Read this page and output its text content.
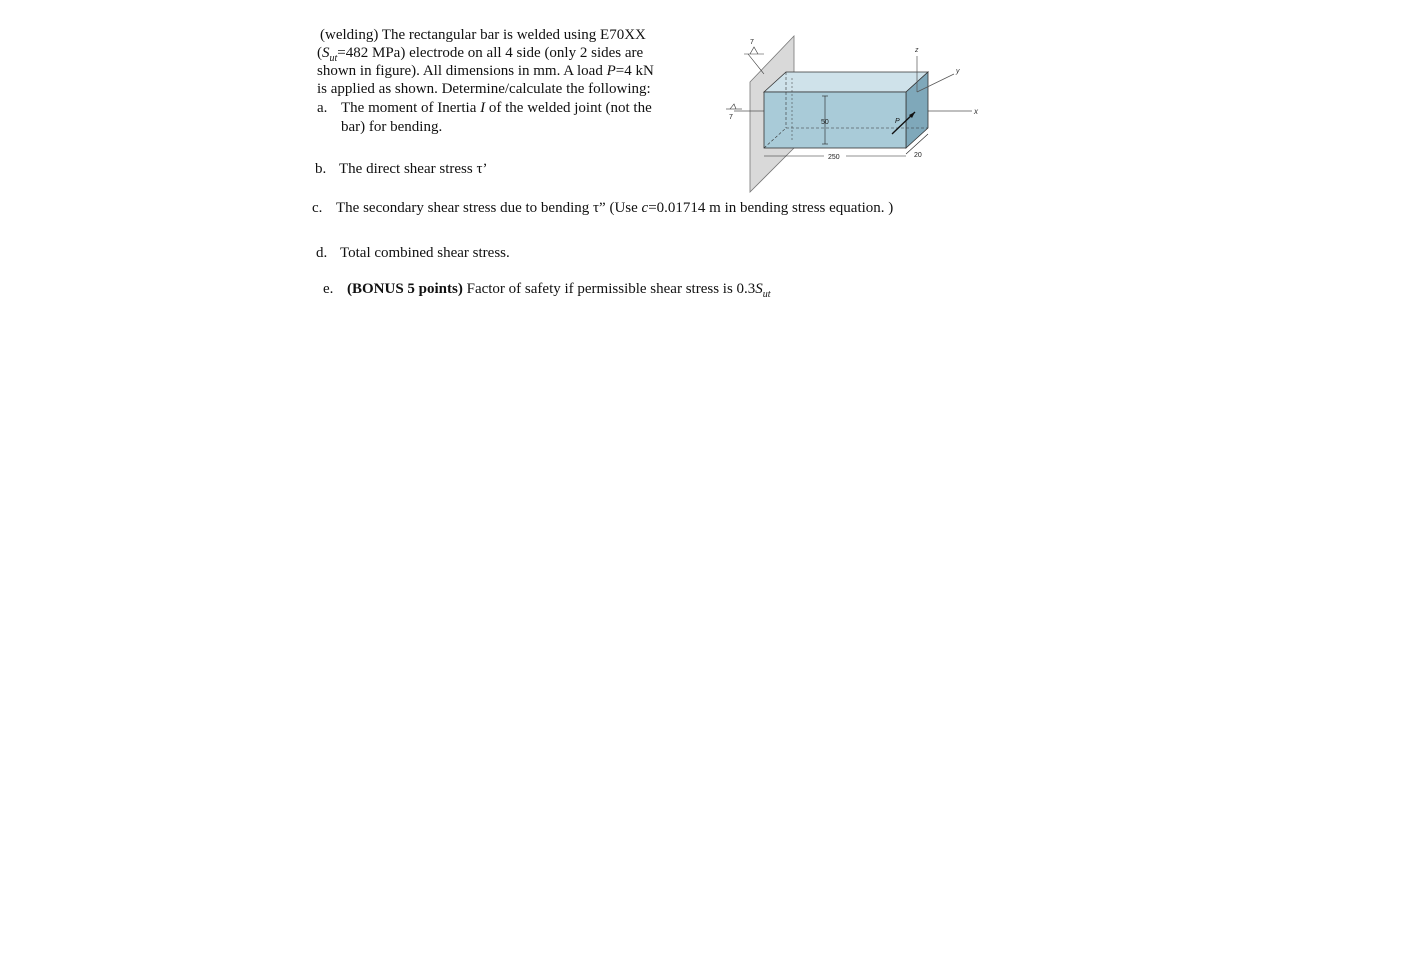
(welding) The rectangular bar is welded using E70XX
($S_{ut}=482$ MPa) electrode on all 4 side (only 2 sides are
shown in figure). All dimensions in mm. A load P=4 kN
is applied as shown. Determine/calculate the following:
a. The moment of Inertia I of the welded joint (not the
bar) for bending.
b. The direct shear stress τ’
c. The secondary shear stress due to bending τ” (Use c=0.01714 m in bending stress equation. )
d. Total combined shear stress.
e. (BONUS 5 points) Factor of safety if permissible shear stress is $0.3S_{ut}$
x
z
y
50
250	20
P
7
7
